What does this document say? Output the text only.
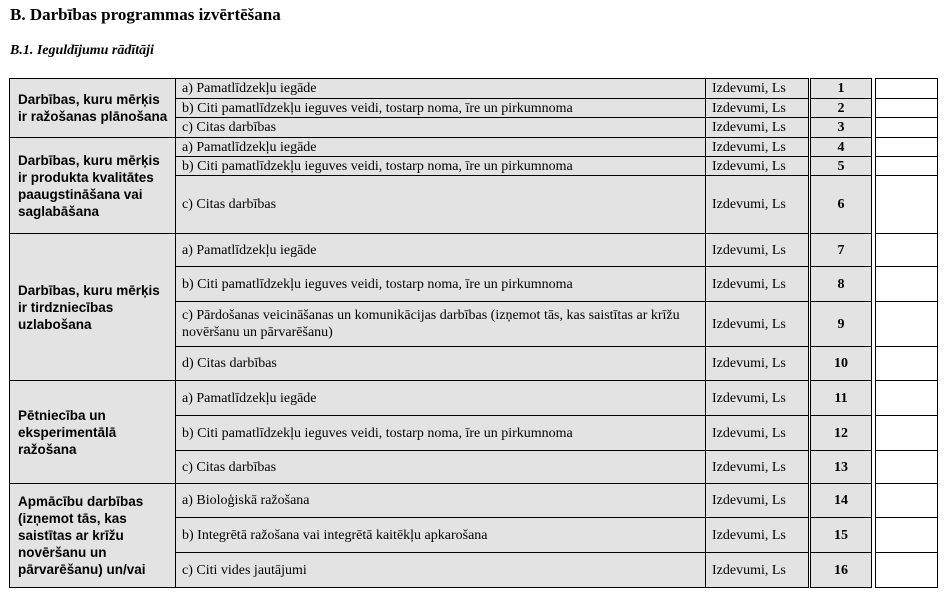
B. Darbības programmas izvērtēšana
B.1. Ieguldījumu rādītāji
Darbības, kuru mērķis ir ražošanas plānošana	a) Pamatlīdzekļu iegāde	Izdevumi, Ls	1		
	b) Citi pamatlīdzekļu ieguves veidi, tostarp noma, īre un pirkumnoma	Izdevumi, Ls	2		
	c) Citas darbības	Izdevumi, Ls	3		
Darbības, kuru mērķis ir produkta kvalitātes paaugstināšana vai saglabāšana	a) Pamatlīdzekļu iegāde	Izdevumi, Ls	4		
	b) Citi pamatlīdzekļu ieguves veidi, tostarp noma, īre un pirkumnoma	Izdevumi, Ls	5		
	c) Citas darbības	Izdevumi, Ls	6		
Darbības, kuru mērķis ir tirdzniecības uzlabošana	a) Pamatlīdzekļu iegāde	Izdevumi, Ls	7		
	b) Citi pamatlīdzekļu ieguves veidi, tostarp noma, īre un pirkumnoma	Izdevumi, Ls	8		
	c) Pārdošanas veicināšanas un komunikācijas darbības (izņemot tās, kas saistītas ar krīžu novēršanu un pārvarēšanu)	Izdevumi, Ls	9		
	d) Citas darbības	Izdevumi, Ls	10		
Pētniecība un eksperimentālā ražošana	a) Pamatlīdzekļu iegāde	Izdevumi, Ls	11		
	b) Citi pamatlīdzekļu ieguves veidi, tostarp noma, īre un pirkumnoma	Izdevumi, Ls	12		
	c) Citas darbības	Izdevumi, Ls	13		
Apmācību darbības (izņemot tās, kas saistītas ar krīžu novēršanu un pārvarēšanu) un/vai	a) Bioloģiskā ražošana	Izdevumi, Ls	14		
	b) Integrētā ražošana vai integrētā kaitēkļu apkarošana	Izdevumi, Ls	15		
	c) Citi vides jautājumi	Izdevumi, Ls	16		
